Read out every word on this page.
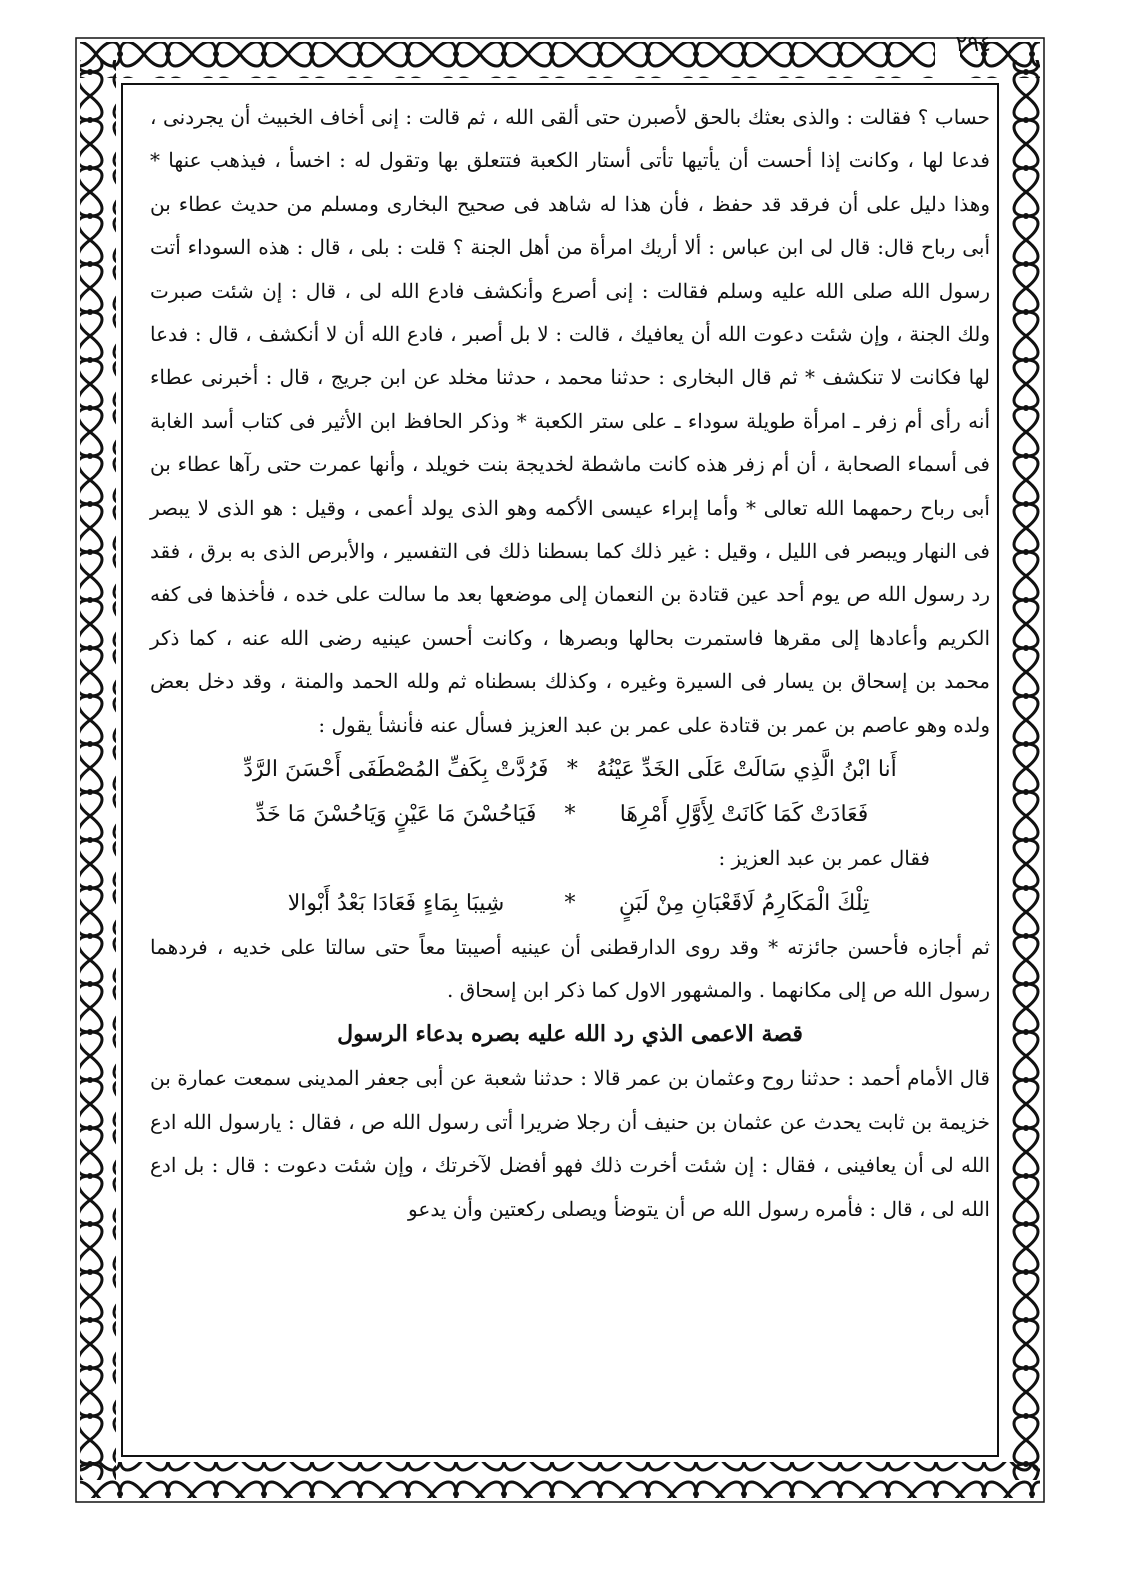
٢٩٤

حساب ؟ فقالت : والذى بعثك بالحق لأصبرن حتى ألقى الله ، ثم قالت : إنى أخاف الخبيث أن يجردنى ، فدعا لها ، وكانت إذا أحست أن يأتيها تأتى أستار الكعبة فتتعلق بها وتقول له : اخسأ ، فيذهب عنها * وهذا دليل على أن فرقد قد حفظ ، فأن هذا له شاهد فى صحيح البخارى ومسلم من حديث عطاء بن أبى رباح قال: قال لى ابن عباس : ألا أريك امرأة من أهل الجنة ؟ قلت : بلى ، قال : هذه السوداء أتت رسول الله صلى الله عليه وسلم فقالت : إنى أصرع وأنكشف فادع الله لى ، قال : إن شئت صبرت ولك الجنة ، وإن شئت دعوت الله أن يعافيك ، قالت : لا بل أصبر ، فادع الله أن لا أنكشف ، قال : فدعا لها فكانت لا تنكشف * ثم قال البخارى : حدثنا محمد ، حدثنا مخلد عن ابن جريج ، قال : أخبرنى عطاء أنه رأى أم زفر ـ امرأة طويلة سوداء ـ على ستر الكعبة * وذكر الحافظ ابن الأثير فى كتاب أسد الغابة فى أسماء الصحابة ، أن أم زفر هذه كانت ماشطة لخديجة بنت خويلد ، وأنها عمرت حتى رآها عطاء بن أبى رباح رحمهما الله تعالى * وأما إبراء عيسى الأكمه وهو الذى يولد أعمى ، وقيل : هو الذى لا يبصر فى النهار ويبصر فى الليل ، وقيل : غير ذلك كما بسطنا ذلك فى التفسير ، والأبرص الذى به برق ، فقد رد رسول الله ص يوم أحد عين قتادة بن النعمان إلى موضعها بعد ما سالت على خده ، فأخذها فى كفه الكريم وأعادها إلى مقرها فاستمرت بحالها وبصرها ، وكانت أحسن عينيه رضى الله عنه ، كما ذكر محمد بن إسحاق بن يسار فى السيرة وغيره ، وكذلك بسطناه ثم ولله الحمد والمنة ، وقد دخل بعض ولده وهو عاصم بن عمر بن قتادة على عمر بن عبد العزيز فسأل عنه فأنشأ يقول :

أَنا ابْنُ الَّذِي سَالَتْ عَلَى الخَدِّ عَيْنُهُ
*
فَرُدَّتْ بِكَفِّ المُصْطَفَى أَحْسَنَ الرَّدِّ
فَعَادَتْ كَمَا كَانَتْ لِأَوَّلِ أَمْرِهَا
*
فَيَاحُسْنَ مَا عَيْنٍ وَيَاحُسْنَ مَا خَدِّ

فقال عمر بن عبد العزيز :

تِلْكَ الْمَكَارِمُ لَاقَعْبَانِ مِنْ لَبَنٍ
*
شِيبَا بِمَاءٍ فَعَادَا بَعْدُ أَبْوالا

ثم أجازه فأحسن جائزته * وقد روى الدارقطنى أن عينيه أصيبتا معاً حتى سالتا على خديه ، فردهما رسول الله ص إلى مكانهما . والمشهور الاول كما ذكر ابن إسحاق .

قصة الاعمى الذي رد الله عليه بصره بدعاء الرسول

قال الأمام أحمد : حدثنا روح وعثمان بن عمر قالا : حدثنا شعبة عن أبى جعفر المدينى سمعت عمارة بن خزيمة بن ثابت يحدث عن عثمان بن حنيف أن رجلا ضريرا أتى رسول الله ص ، فقال : يارسول الله ادع الله لى أن يعافينى ، فقال : إن شئت أخرت ذلك فهو أفضل لآخرتك ، وإن شئت دعوت : قال : بل ادع الله لى ، قال : فأمره رسول الله ص أن يتوضأ ويصلى ركعتين وأن يدعو
